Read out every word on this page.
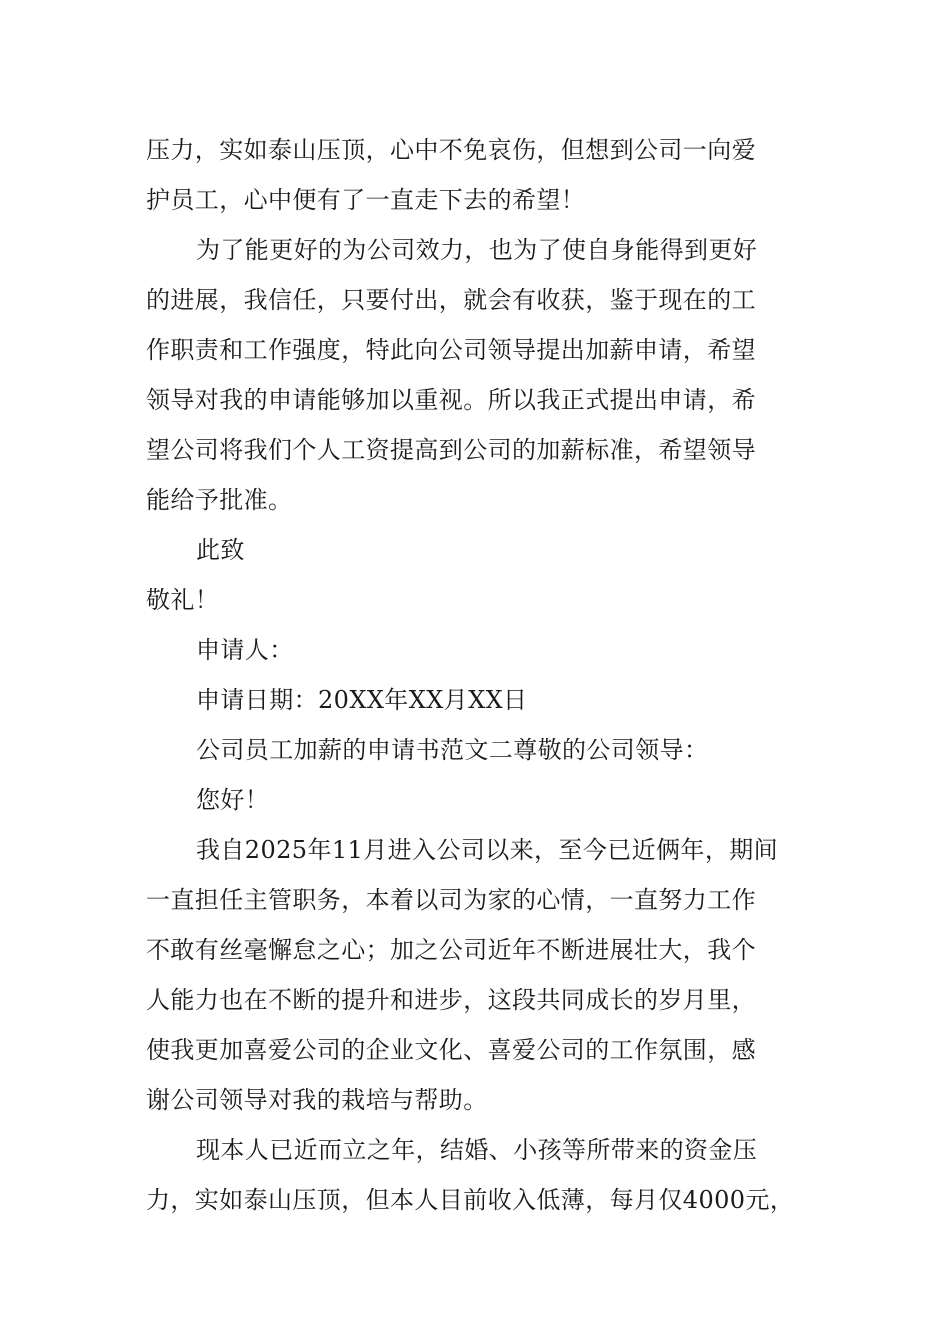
压力，实如泰山压顶，心中不免哀伤，但想到公司一向爱
护员工，心中便有了一直走下去的希望！
为了能更好的为公司效力，也为了使自身能得到更好
的进展，我信任，只要付出，就会有收获，鉴于现在的工
作职责和工作强度，特此向公司领导提出加薪申请，希望
领导对我的申请能够加以重视。所以我正式提出申请，希
望公司将我们个人工资提高到公司的加薪标准，希望领导
能给予批准。
此致
敬礼！
申请人：
申请日期：20XX年XX月XX日
公司员工加薪的申请书范文二尊敬的公司领导：
您好！
我自2025年11月进入公司以来，至今已近俩年，期间
一直担任主管职务，本着以司为家的心情，一直努力工作
不敢有丝毫懈怠之心；加之公司近年不断进展壮大，我个
人能力也在不断的提升和进步，这段共同成长的岁月里，
使我更加喜爱公司的企业文化、喜爱公司的工作氛围，感
谢公司领导对我的栽培与帮助。
现本人已近而立之年，结婚、小孩等所带来的资金压
力，实如泰山压顶，但本人目前收入低薄，每月仅4000元，
